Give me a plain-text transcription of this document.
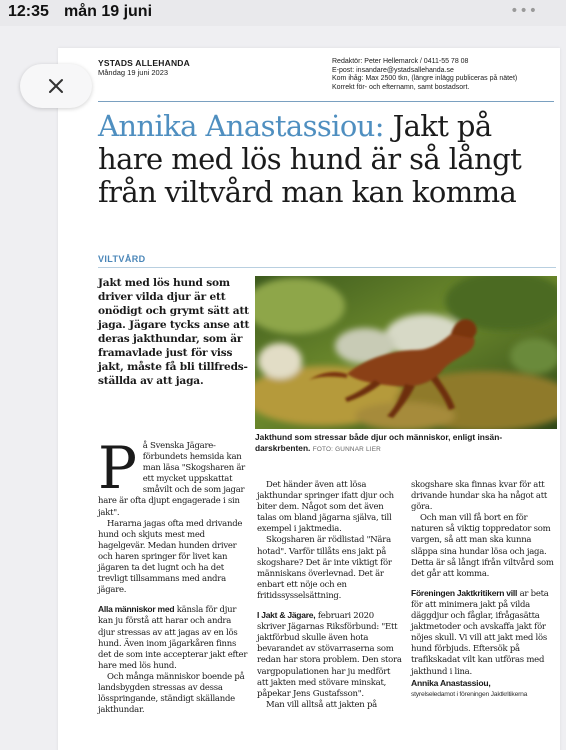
12:35 mån 19 juni	•••
YSTADS ALLEHANDA
Måndag 19 juni 2023
Redaktör: Peter Hellemarck / 0411-55 78 08
E-post: insandare@ystadsallehanda.se
Kom ihåg: Max 2500 tkn, (längre inlägg publiceras på nätet)
Korrekt för- och efternamn, samt bostadsort.
Annika Anastassiou: Jakt på hare med lös hund är så långt från viltvård man kan komma
VILTVÅRD
Jakt med lös hund som driver vilda djur är ett onödigt och grymt sätt att jaga. Jägare tycks anse att deras jakthundar, som är framavlade just för viss jakt, måste få bli tillfreds-ställda av att jaga.
Jakthund som stressar både djur och människor, enligt insän-darskrbenten. FOTO: GUNNAR LIER
P å Svenska Jägare-förbundets hemsida kan man läsa "Skogsharen är ett mycket uppskattat småvilt och de som jagar hare är ofta djupt engagerade i sin jakt".

Hararna jagas ofta med drivande hund och skjuts mest med hagelgevär. Medan hunden driver och haren springer för livet kan jägaren ta det lugnt och ha det trevligt tillsammans med andra jägare.

Alla människor med känsla för djur kan ju förstå att harar och andra djur stressas av att jagas av en lös hund. Även inom jägarkåren finns det de som inte accepterar jakt efter hare med lös hund.

Och många människor boende på landsbygden stressas av dessa lösspringande, ständigt skällande jakthundar.

Det händer även att lösa jakthundar springer ifatt djur och biter dem. Något som det även talas om bland jägarna själva, till exempel i jaktmedia.

Skogsharen är rödlistad "Nära hotad". Varför tillåts ens jakt på skogshare? Det är inte viktigt för människans överlevnad. Det är enbart ett nöje och en fritidssysselsättning.

I Jakt & Jägare, februari 2020 skriver Jägarnas Riksförbund: "Ett jaktförbud skulle även hota bevarandet av stövarraserna som redan har stora problem. Den stora vargpopulationen har ju medfört att jakten med stövare minskat, påpekar Jens Gustafsson".

Man vill alltså att jakten på

skogshare ska finnas kvar för att drivande hundar ska ha något att göra.

Och man vill få bort en för naturen så viktig toppredator som vargen, så att man ska kunna släppa sina hundar lösa och jaga. Detta är så långt ifrån viltvård som det går att komma.

Föreningen Jaktkritikern vill ar beta för att minimera jakt på vilda däggdjur och fåglar, ifrågasätta jaktmetoder och avskaffa jakt för nöjes skull. Vi vill att jakt med lös hund förbjuds. Eftersök på trafikskadat vilt kan utföras med jakthund i lina.

Annika Anastassiou,

styrelseledamot i föreningen Jaktkritikerna
